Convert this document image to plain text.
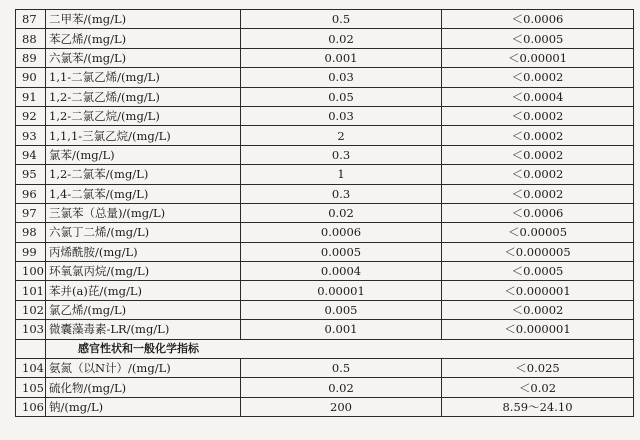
87	二甲苯/(mg/L)	0.5	＜0.0006
88	苯乙烯/(mg/L)	0.02	＜0.0005
89	六氯苯/(mg/L)	0.001	＜0.00001
90	1,1-二氯乙烯/(mg/L)	0.03	＜0.0002
91	1,2-二氯乙烯/(mg/L)	0.05	＜0.0004
92	1,2-二氯乙烷/(mg/L)	0.03	＜0.0002
93	1,1,1-三氯乙烷/(mg/L)	2	＜0.0002
94	氯苯/(mg/L)	0.3	＜0.0002
95	1,2-二氯苯/(mg/L)	1	＜0.0002
96	1,4-二氯苯/(mg/L)	0.3	＜0.0002
97	三氯苯（总量)/(mg/L)	0.02	＜0.0006
98	六氯丁二烯/(mg/L)	0.0006	＜0.00005
99	丙烯酰胺/(mg/L)	0.0005	＜0.000005
100	环氧氯丙烷/(mg/L)	0.0004	＜0.0005
101	苯并(a)芘/(mg/L)	0.00001	＜0.000001
102	氯乙烯/(mg/L)	0.005	＜0.0002
103	微囊藻毒素-LR/(mg/L)	0.001	＜0.000001
	感官性状和一般化学指标		
104	氨氮（以N计）/(mg/L)	0.5	＜0.025
105	硫化物/(mg/L)	0.02	＜0.02
106	钠/(mg/L)	200	8.59～24.10
